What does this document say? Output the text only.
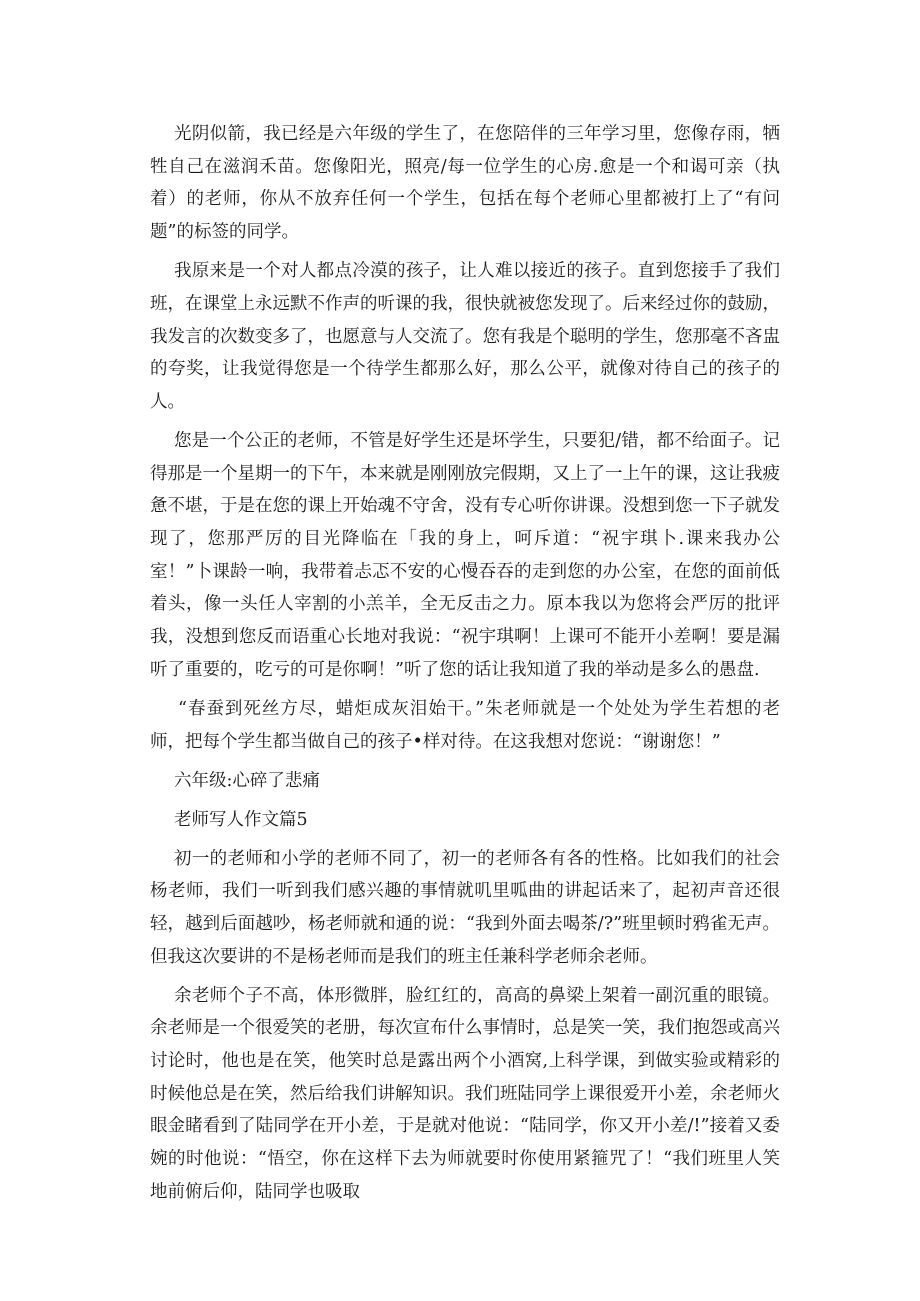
光阴似箭，我已经是六年级的学生了，在您陪伴的三年学习里，您像存雨，牺牲自己在滋润禾苗。您像阳光，照亮/每一位学生的心房.愈是一个和谒可亲（执着）的老师，你从不放弃任何一个学生，包括在每个老师心里都被打上了“有问题”的标签的同学。

我原来是一个对人都点冷漠的孩子，让人难以接近的孩子。直到您接手了我们班，在课堂上永远默不作声的听课的我，很快就被您发现了。后来经过你的鼓励，我发言的次数变多了，也愿意与人交流了。您有我是个聪明的学生，您那毫不吝盅的夸奖，让我觉得您是一个待学生都那么好，那么公平，就像对待自己的孩子的人。

您是一个公正的老师，不管是好学生还是坏学生，只要犯/错，都不给面子。记得那是一个星期一的下午，本来就是刚刚放完假期，又上了一上午的课，这让我疲惫不堪，于是在您的课上开始魂不守舍，没有专心听你讲课。没想到您一下子就发现了，您那严厉的目光降临在「我的身上，呵斥道：“祝宇琪卜.课来我办公室！”卜课龄一响，我带着忐忑不安的心慢吞吞的走到您的办公室，在您的面前低着头，像一头任人宰割的小羔羊，全无反击之力。原本我以为您将会严厉的批评我，没想到您反而语重心长地对我说：“祝宇琪啊！上课可不能开小差啊！要是漏听了重要的，吃亏的可是你啊！”听了您的话让我知道了我的举动是多么的愚盘.

“春蚕到死丝方尽，蜡炬成灰泪始干。”朱老师就是一个处处为学生若想的老师，把每个学生都当做自己的孩子•样对待。在这我想对您说：“谢谢您！”

六年级:心碎了悲痛

老师写人作文篇5

初一的老师和小学的老师不同了，初一的老师各有各的性格。比如我们的社会杨老师，我们一听到我们感兴趣的事情就叽里呱曲的讲起话来了，起初声音还很轻，越到后面越吵，杨老师就和通的说：“我到外面去喝茶/?”班里顿时鸦雀无声。但我这次要讲的不是杨老师而是我们的班主任兼科学老师余老师。

余老师个子不高，体形微胖，脸红红的，高高的鼻梁上架着一副沉重的眼镜。余老师是一个很爱笑的老册，每次宣布什么事情时，总是笑一笑，我们抱怨或高兴讨论时，他也是在笑，他笑时总是露出两个小酒窝,上科学课，到做实验或精彩的时候他总是在笑，然后给我们讲解知识。我们班陆同学上课很爱开小差，余老师火眼金睹看到了陆同学在开小差，于是就对他说：“陆同学，你又开小差/!”接着又委婉的时他说：“悟空，你在这样下去为师就要时你使用紧箍咒了！“我们班里人笑地前俯后仰，陆同学也吸取
